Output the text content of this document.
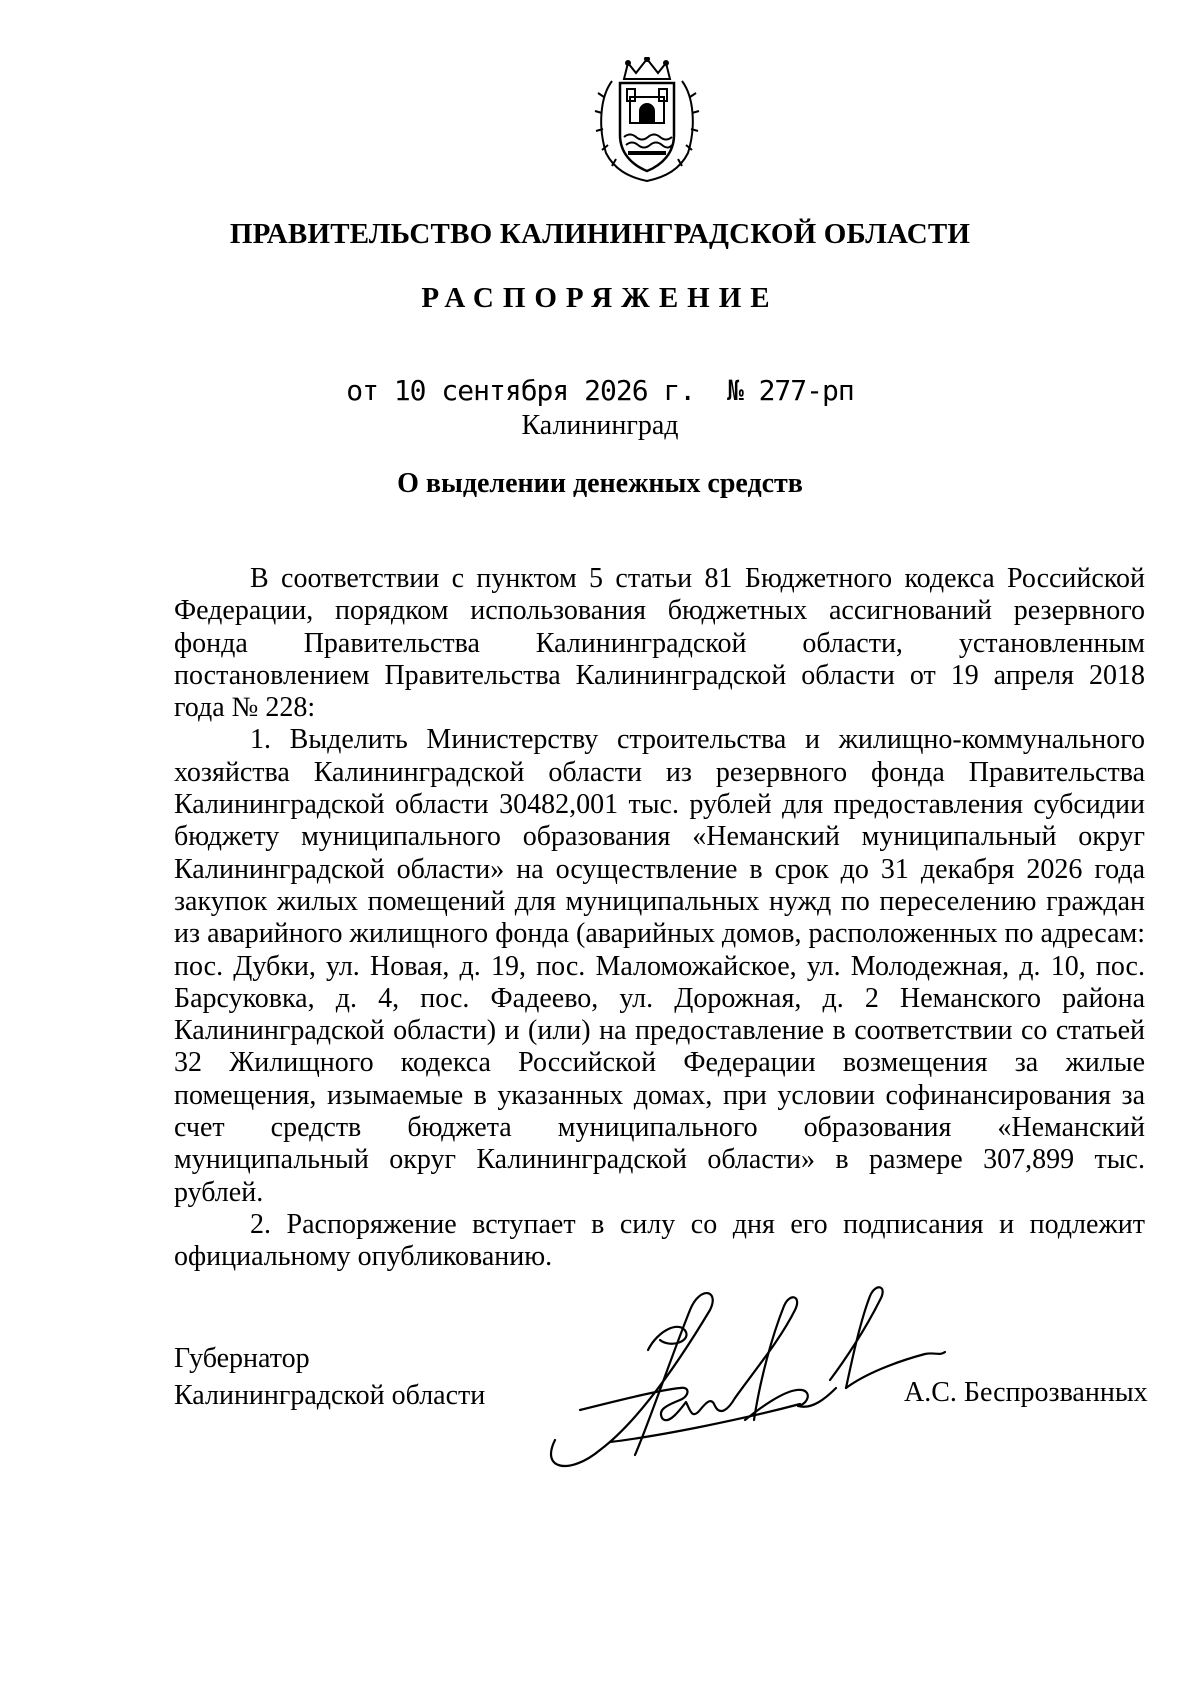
ПРАВИТЕЛЬСТВО КАЛИНИНГРАДСКОЙ ОБЛАСТИ
РАСПОРЯЖЕНИЕ
от 10 сентября 2026 г. № 277-рп
Калининград
О выделении денежных средств

В соответствии с пунктом 5 статьи 81 Бюджетного кодекса Российской Федерации, порядком использования бюджетных ассигнований резервного фонда Правительства Калининградской области, установленным постановлением Правительства Калининградской области от 19 апреля 2018 года № 228:

1. Выделить Министерству строительства и жилищно-коммунального хозяйства Калининградской области из резервного фонда Правительства Калининградской области 30482,001 тыс. рублей для предоставления субсидии бюджету муниципального образования «Неманский муниципальный округ Калининградской области» на осуществление в срок до 31 декабря 2026 года закупок жилых помещений для муниципальных нужд по переселению граждан из аварийного жилищного фонда (аварийных домов, расположенных по адресам: пос. Дубки, ул. Новая, д. 19, пос. Маломожайское, ул. Молодежная, д. 10, пос. Барсуковка, д. 4, пос. Фадеево, ул. Дорожная, д. 2 Неманского района Калининградской области) и (или) на предоставление в соответствии со статьей 32 Жилищного кодекса Российской Федерации возмещения за жилые помещения, изымаемые в указанных домах, при условии софинансирования за счет средств бюджета муниципального образования «Неманский муниципальный округ Калининградской области» в размере 307,899 тыс. рублей.

2. Распоряжение вступает в силу со дня его подписания и подлежит официальному опубликованию.

Губернатор
Калининградской области	А.С. Беспрозванных
